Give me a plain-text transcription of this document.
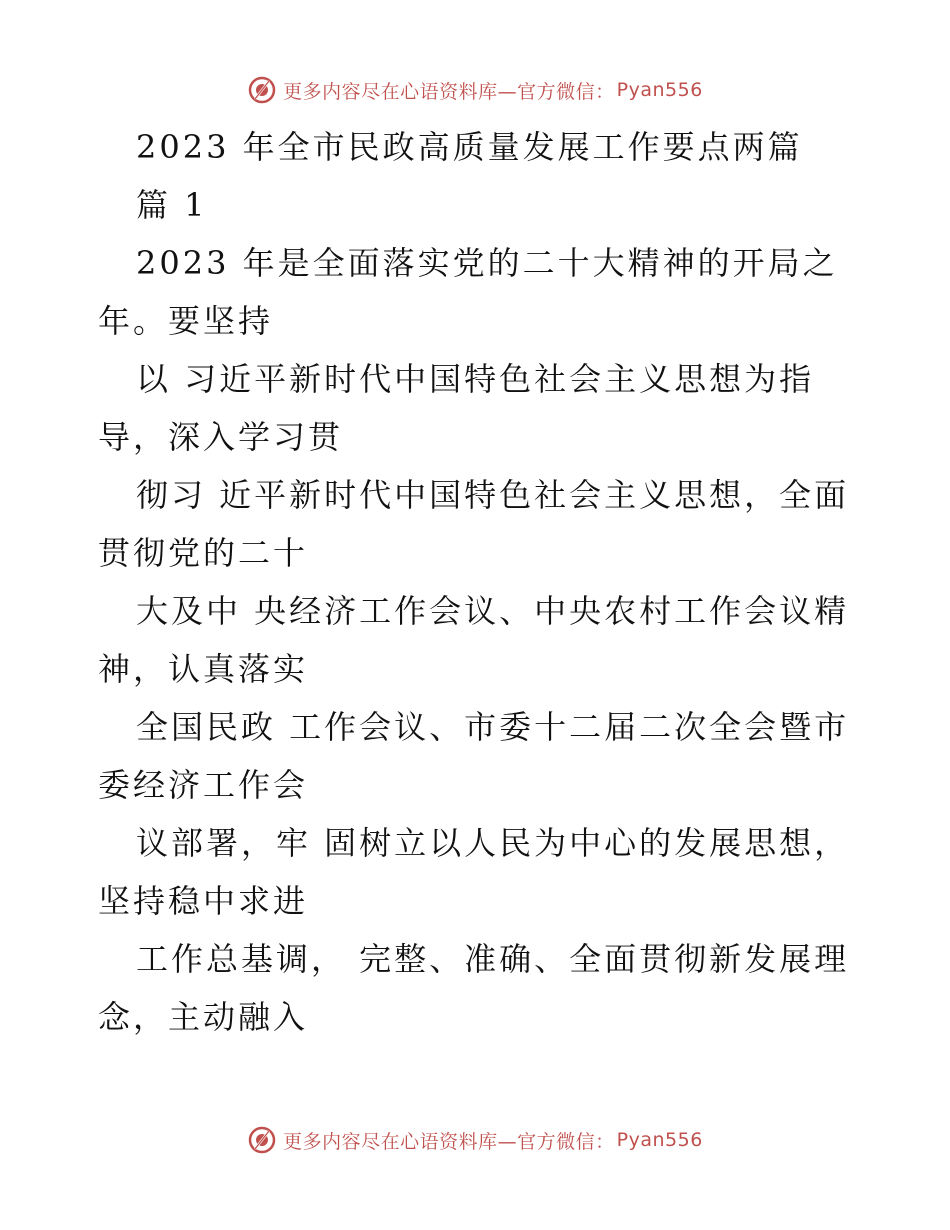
更多内容尽在心语资料库—官方微信： Pyan556
2023 年全市民政高质量发展工作要点两篇
篇 1
2023 年是全面落实党的二十大精神的开局之
年。要坚持
以 习近平新时代中国特色社会主义思想为指
导，深入学习贯
彻习 近平新时代中国特色社会主义思想，全面
贯彻党的二十
大及中 央经济工作会议、中央农村工作会议精
神，认真落实
全国民政 工作会议、市委十二届二次全会暨市
委经济工作会
议部署，牢 固树立以人民为中心的发展思想，
坚持稳中求进
工作总基调， 完整、准确、全面贯彻新发展理
念，主动融入
更多内容尽在心语资料库—官方微信： Pyan556
